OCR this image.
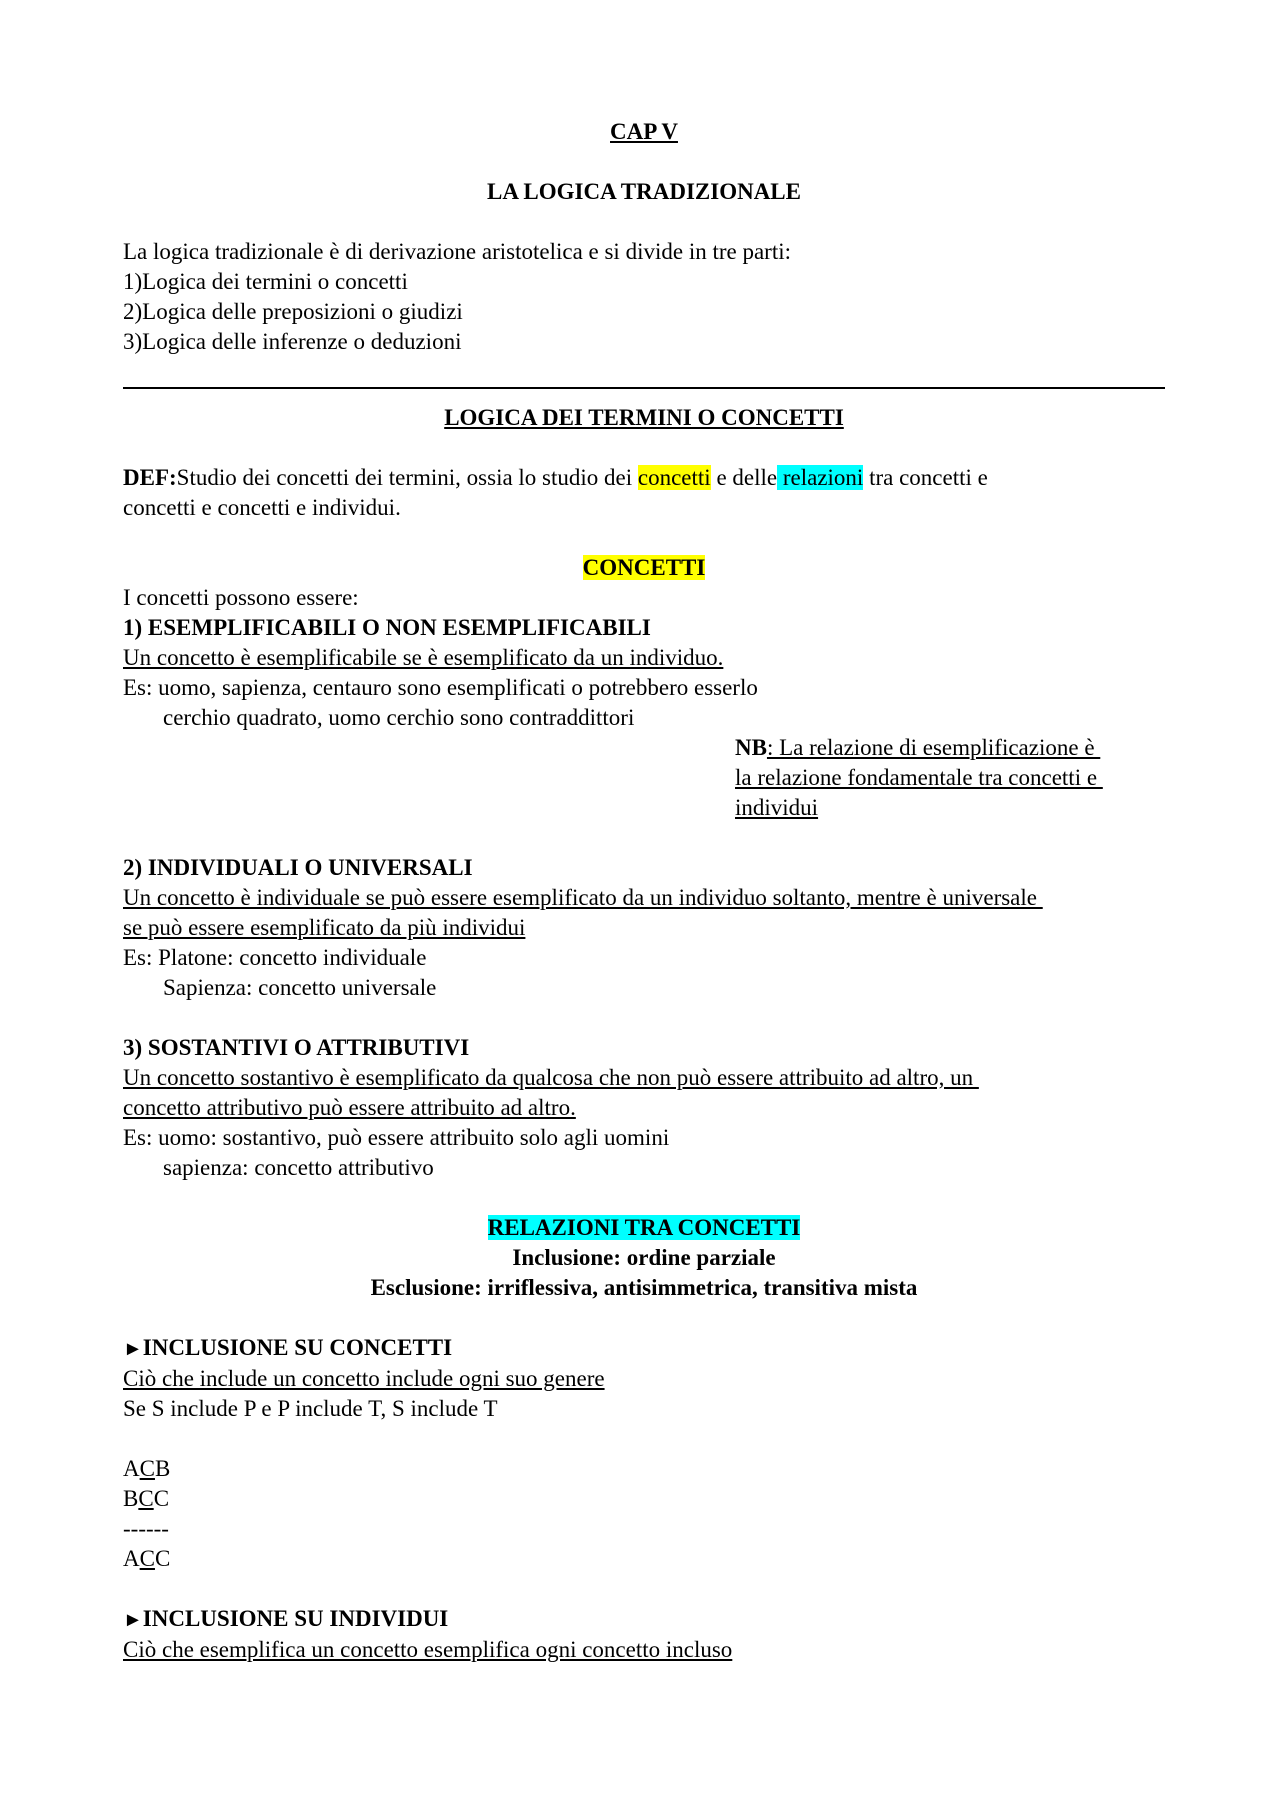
CAP V
LA LOGICA TRADIZIONALE
La logica tradizionale è di derivazione aristotelica e si divide in tre parti:
1)Logica dei termini o concetti
2)Logica delle preposizioni o giudizi
3)Logica delle inferenze o deduzioni
LOGICA DEI TERMINI O CONCETTI
DEF:Studio dei concetti dei termini, ossia lo studio dei concetti e delle relazioni tra concetti e
concetti e concetti e individui.
CONCETTI
I concetti possono essere:
1) ESEMPLIFICABILI O NON ESEMPLIFICABILI
Un concetto è esemplificabile se è esemplificato da un individuo.
Es: uomo, sapienza, centauro sono esemplificati o potrebbero esserlo
cerchio quadrato, uomo cerchio sono contraddittori
NB: La relazione di esemplificazione è
la relazione fondamentale tra concetti e
individui
2) INDIVIDUALI O UNIVERSALI
Un concetto è individuale se può essere esemplificato da un individuo soltanto, mentre è universale
se può essere esemplificato da più individui
Es: Platone: concetto individuale
Sapienza: concetto universale
3) SOSTANTIVI O ATTRIBUTIVI
Un concetto sostantivo è esemplificato da qualcosa che non può essere attribuito ad altro, un
concetto attributivo può essere attribuito ad altro.
Es: uomo: sostantivo, può essere attribuito solo agli uomini
sapienza: concetto attributivo
RELAZIONI TRA CONCETTI
Inclusione: ordine parziale
Esclusione: irriflessiva, antisimmetrica, transitiva mista
►INCLUSIONE SU CONCETTI
Ciò che include un concetto include ogni suo genere
Se S include P e P include T, S include T
ACB
BCC
------
ACC
►INCLUSIONE SU INDIVIDUI
Ciò che esemplifica un concetto esemplifica ogni concetto incluso
